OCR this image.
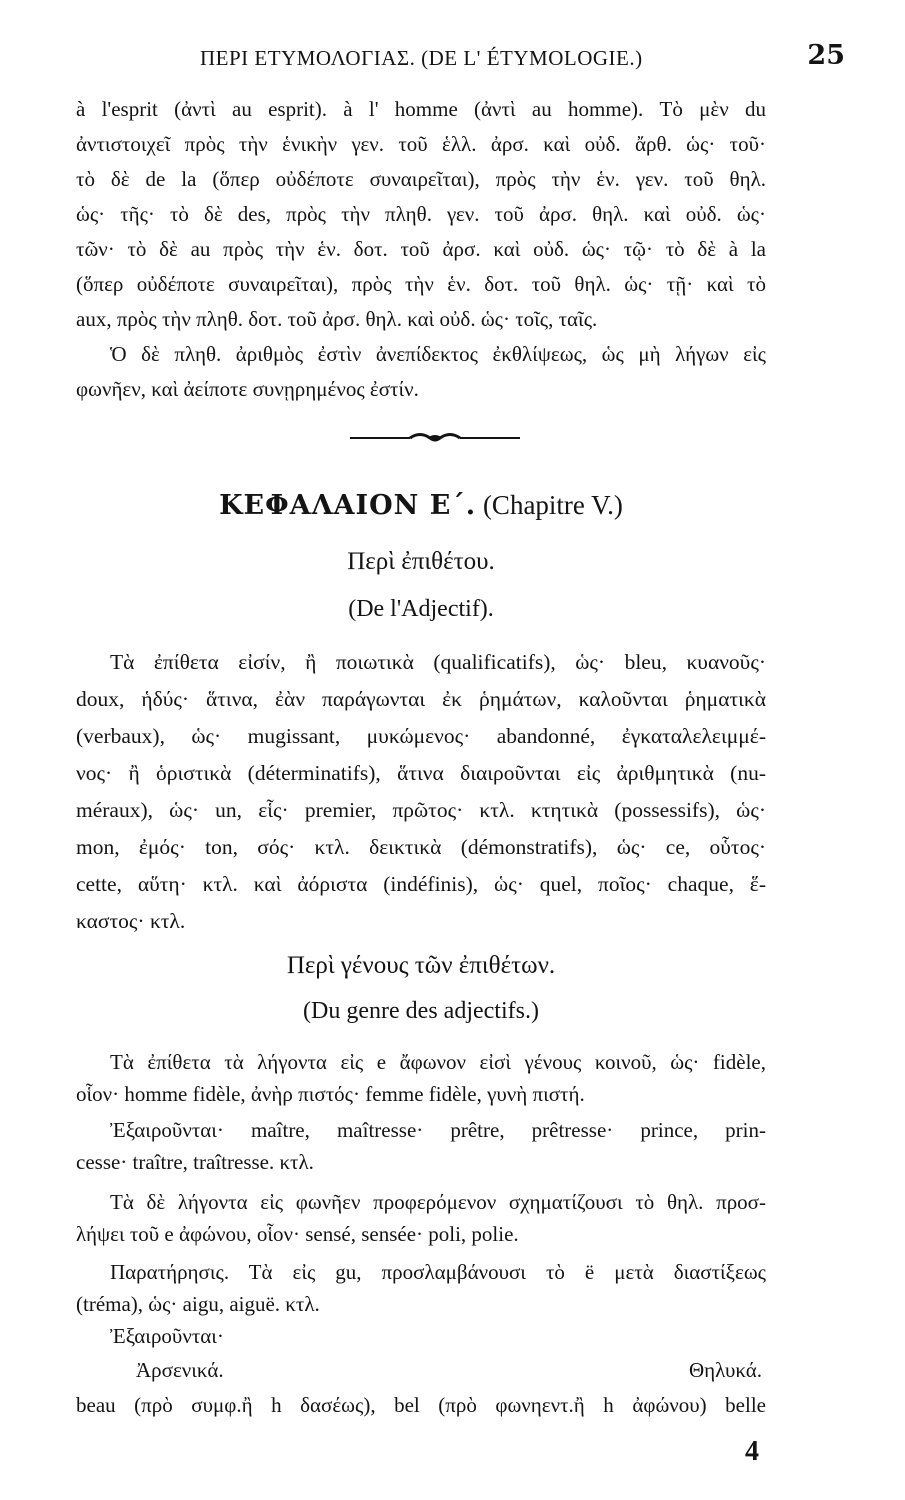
ΠΕΡΙ ΕΤΥΜΟΛΟΓΙΑΣ. (DE L' ÉTYMOLOGIE.)	25
à l'esprit (ἀντὶ au esprit). à l' homme (ἀντὶ au homme). Τὸ μὲν du
ἀντιστοιχεῖ πρὸς τὴν ἑνικὴν γεν. τοῦ ἑλλ. ἀρσ. καὶ οὐδ. ἄρθ. ὡς· τοῦ·
τὸ δὲ de la (ὅπερ οὐδέποτε συναιρεῖται), πρὸς τὴν ἑν. γεν. τοῦ θηλ.
ὡς· τῆς· τὸ δὲ des, πρὸς τὴν πληθ. γεν. τοῦ ἀρσ. θηλ. καὶ οὐδ. ὡς·
τῶν· τὸ δὲ au πρὸς τὴν ἑν. δοτ. τοῦ ἀρσ. καὶ οὐδ. ὡς· τῷ· τὸ δὲ à la
(ὅπερ οὐδέποτε συναιρεῖται), πρὸς τὴν ἑν. δοτ. τοῦ θηλ. ὡς· τῇ· καὶ τὸ
aux, πρὸς τὴν πληθ. δοτ. τοῦ ἀρσ. θηλ. καὶ οὐδ. ὡς· τοῖς, ταῖς.
Ὁ δὲ πληθ. ἀριθμὸς ἐστὶν ἀνεπίδεκτος ἐκθλίψεως, ὡς μὴ λήγων εἰς
φωνῆεν, καὶ ἀείποτε συνῃρημένος ἐστίν.
ΚΕΦΑΛΑΙΟΝ Ε΄. (Chapitre V.)
Περὶ ἐπιθέτου.
(De l'Adjectif).
Τὰ ἐπίθετα εἰσίν, ἢ ποιωτικὰ (qualificatifs), ὡς· bleu, κυανοῦς·
doux, ἡδύς· ἅτινα, ἐὰν παράγωνται ἐκ ῥημάτων, καλοῦνται ῥηματικὰ
(verbaux), ὡς· mugissant, μυκώμενος· abandonné, ἐγκαταλελειμμέ-
νος· ἢ ὁριστικὰ (déterminatifs), ἅτινα διαιροῦνται εἰς ἀριθμητικὰ (nu-
méraux), ὡς· un, εἷς· premier, πρῶτος· κτλ. κτητικὰ (possessifs), ὡς·
mon, ἐμός· ton, σός· κτλ. δεικτικὰ (démonstratifs), ὡς· ce, οὗτος·
cette, αὕτη· κτλ. καὶ ἀόριστα (indéfinis), ὡς· quel, ποῖος· chaque, ἕ-
καστος· κτλ.
Περὶ γένους τῶν ἐπιθέτων.
(Du genre des adjectifs.)
Τὰ ἐπίθετα τὰ λήγοντα εἰς e ἄφωνον εἰσὶ γένους κοινοῦ, ὡς· fidèle,
οἷον· homme fidèle, ἀνὴρ πιστός· femme fidèle, γυνὴ πιστή.
Ἐξαιροῦνται· maître, maîtresse· prêtre, prêtresse· prince, prin-
cesse· traître, traîtresse. κτλ.
Τὰ δὲ λήγοντα εἰς φωνῆεν προφερόμενον σχηματίζουσι τὸ θηλ. προσ-
λήψει τοῦ e ἀφώνου, οἷον· sensé, sensée· poli, polie.
Παρατήρησις. Τὰ εἰς gu, προσλαμβάνουσι τὸ ë μετὰ διαστίξεως
(tréma), ὡς· aigu, aiguë. κτλ.
Ἐξαιροῦνται·
Ἀρσενικά.	Θηλυκά.
beau (πρὸ συμφ.ἢ h δασέως), bel (πρὸ φωνηεντ.ἢ h ἀφώνου) belle
4
